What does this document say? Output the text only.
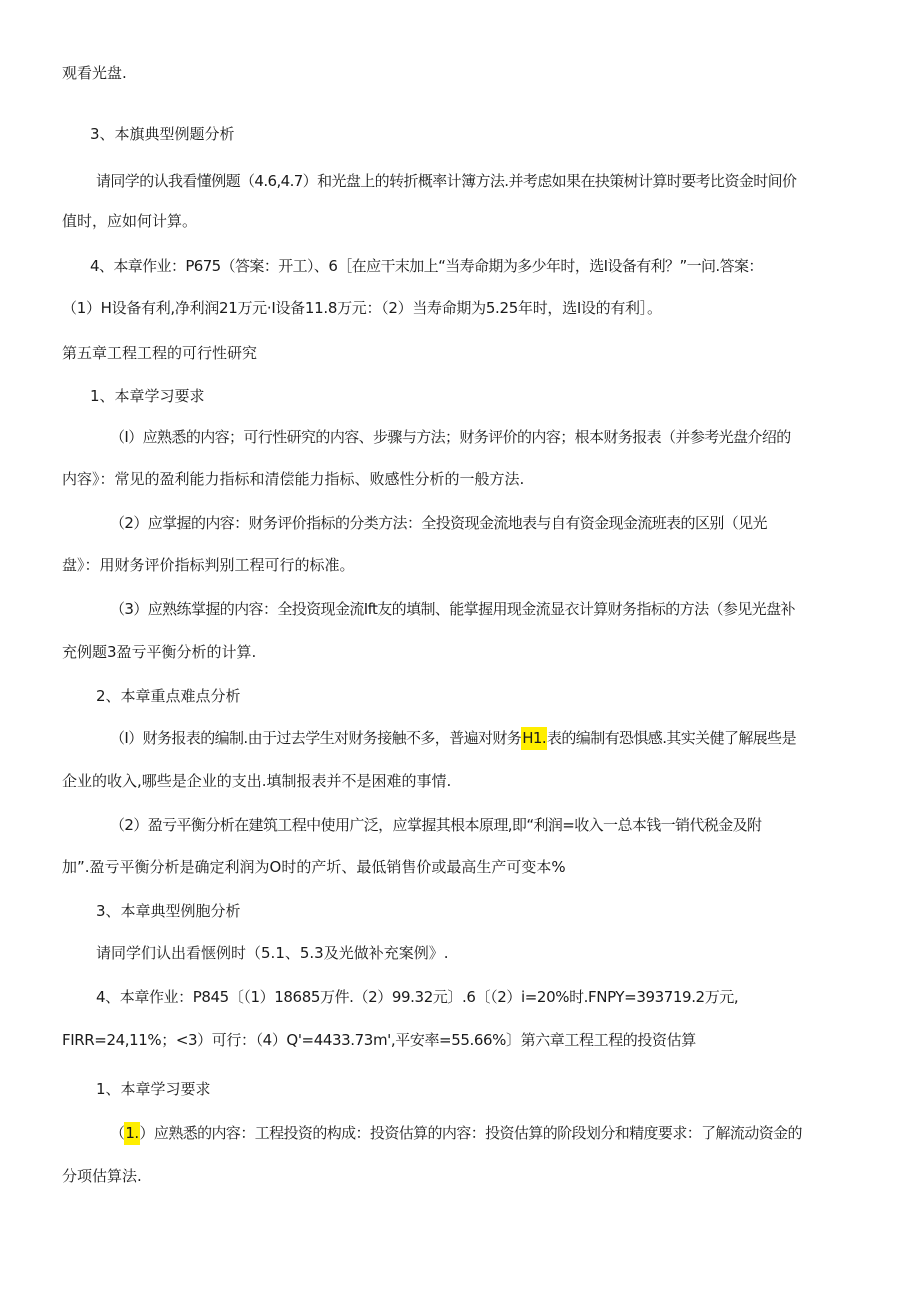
观看光盘.
3、本旗典型例题分析
请同学的认我看懂例题（4.6,4.7）和光盘上的转折概率计簿方法.并考虑如果在抉策树计算时要考比资金时间价
值时，应如何计算。
4、本章作业：P675（答案：开工）、6［在应干末加上“当寿命期为多少年时，选I设备有利？”一问.答案：
（1）H设备有利,净利润21万元·I设备11.8万元：（2）当寿命期为5.25年时，选I设的有利］。
第五章工程工程的可行性研究
1、本章学习要求
（I）应熟悉的内容；可行性研究的内容、步骤与方法；财务评价的内容；根本财务报表（并参考光盘介绍的
内容》：常见的盈利能力指标和清偿能力指标、败感性分析的一般方法.
（2）应掌握的内容：财务评价指标的分类方法：全投资现金流地表与自有资金现金流班表的区别（见光
盘》：用财务评价指标判别工程可行的标准。
（3）应熟练掌握的内容：全投资现金流Ift友的填制、能掌握用现金流显衣计算财务指标的方法（参见光盘补
充例题3盈亏平衡分析的计算.
2、本章重点难点分析
（I）财务报表的编制.由于过去学生对财务接触不多，普遍对财务H1.表的编制有恐惧感.其实关健了解展些是
企业的收入,哪些是企业的支出.填制报表并不是困难的事情.
（2）盈亏平衡分析在建筑工程中使用广泛，应掌握其根本原理,即“利润=收入一总本钱一销代税金及附
加”.盈亏平衡分析是确定利润为O时的产圻、最低销售价或最高生产可变本%
3、本章典型例胞分析
请同学们认出看惬例时（5.1、5.3及光做补充案例》.
4、本章作业：P845〔（1）18685万件.（2）99.32元〕.6〔（2）i=20%时.FNPY=393719.2万元,
FIRR=24,11%；<3）可行：（4）Q'=4433.73m',平安率=55.66%〕第六章工程工程的投资估算
1、本章学习要求
（1.）应熟悉的内容：工程投资的构成：投资估算的内容：投资估算的阶段划分和精度要求：了解流动资金的
分项估算法.
